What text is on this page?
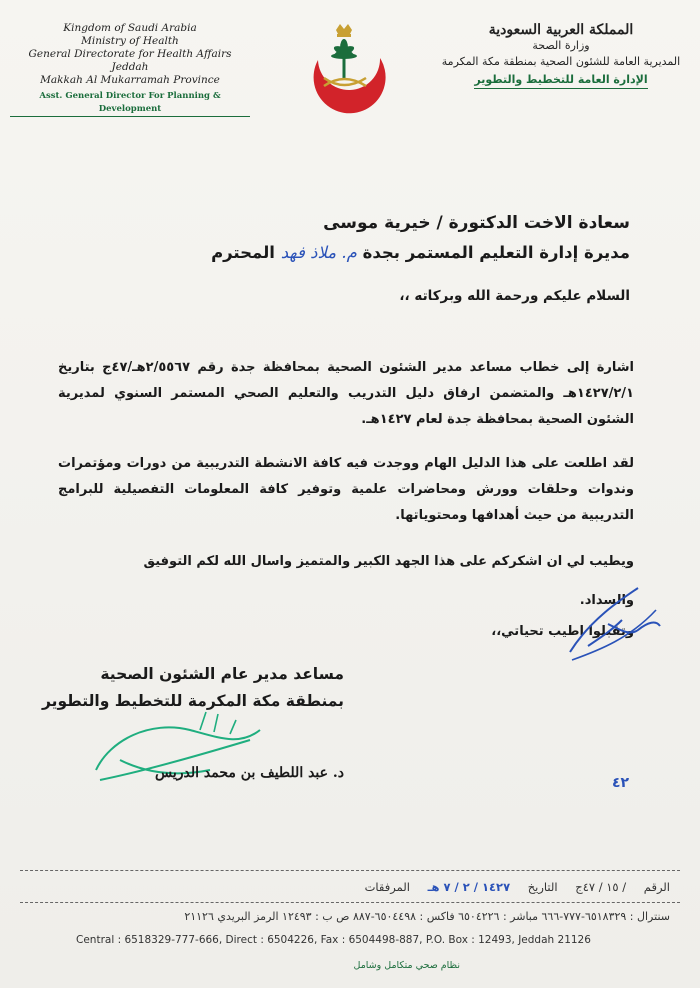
Kingdom of Saudi Arabia
Ministry of Health
General Directorate for Health Affairs Jeddah
Makkah Al Mukarramah Province
Asst. General Director For Planning & Development
المملكة العربية السعودية
وزارة الصحة
المديرية العامة للشئون الصحية بمنطقة مكة المكرمة
الإدارة العامة للتخطيط والتطوير
سعادة الاخت الدكتورة / خيرية موسى
مديرة إدارة التعليم المستمر بجدة م. ملاذ فهد المحترم
السلام عليكم ورحمة الله وبركاته ،،
اشارة إلى خطاب مساعد مدير الشئون الصحية بمحافظة جدة رقم ٢/٥٥٦٧هـ/٤٧ج بتاريخ ١٤٢٧/٢/١هـ والمتضمن ارفاق دليل التدريب والتعليم الصحي المستمر السنوي لمديرية الشئون الصحية بمحافظة جدة لعام ١٤٢٧هـ.
لقد اطلعت على هذا الدليل الهام ووجدت فيه كافة الانشطة التدريبية من دورات ومؤتمرات وندوات وحلقات وورش ومحاضرات علمية وتوفير كافة المعلومات التفصيلية للبرامج التدريبية من حيث أهدافها ومحتوياتها.
ويطيب لي ان اشكركم على هذا الجهد الكبير والمتميز واسال الله لكم التوفيق
والسداد.
وتقبلوا اطيب تحياتي،،
مساعد مدير عام الشئون الصحية
بمنطقة مكة المكرمة للتخطيط والتطوير
د. عبد اللطيف بن محمد الدريس
٤٢
الرقم / ١٥ / ٤٧ج التاريخ ١٤٢٧ / ٢ / ٧ هـ المرفقات
سنترال : ٦٥١٨٣٢٩-٧٧٧-٦٦٦ مباشر : ٦٥٠٤٢٢٦ فاكس : ٦٥٠٤٤٩٨-٨٨٧ ص ب : ١٢٤٩٣ الرمز البريدي ٢١١٢٦
Central : 6518329-777-666, Direct : 6504226, Fax : 6504498-887, P.O. Box : 12493, Jeddah 21126
نظام صحي متكامل وشامل
